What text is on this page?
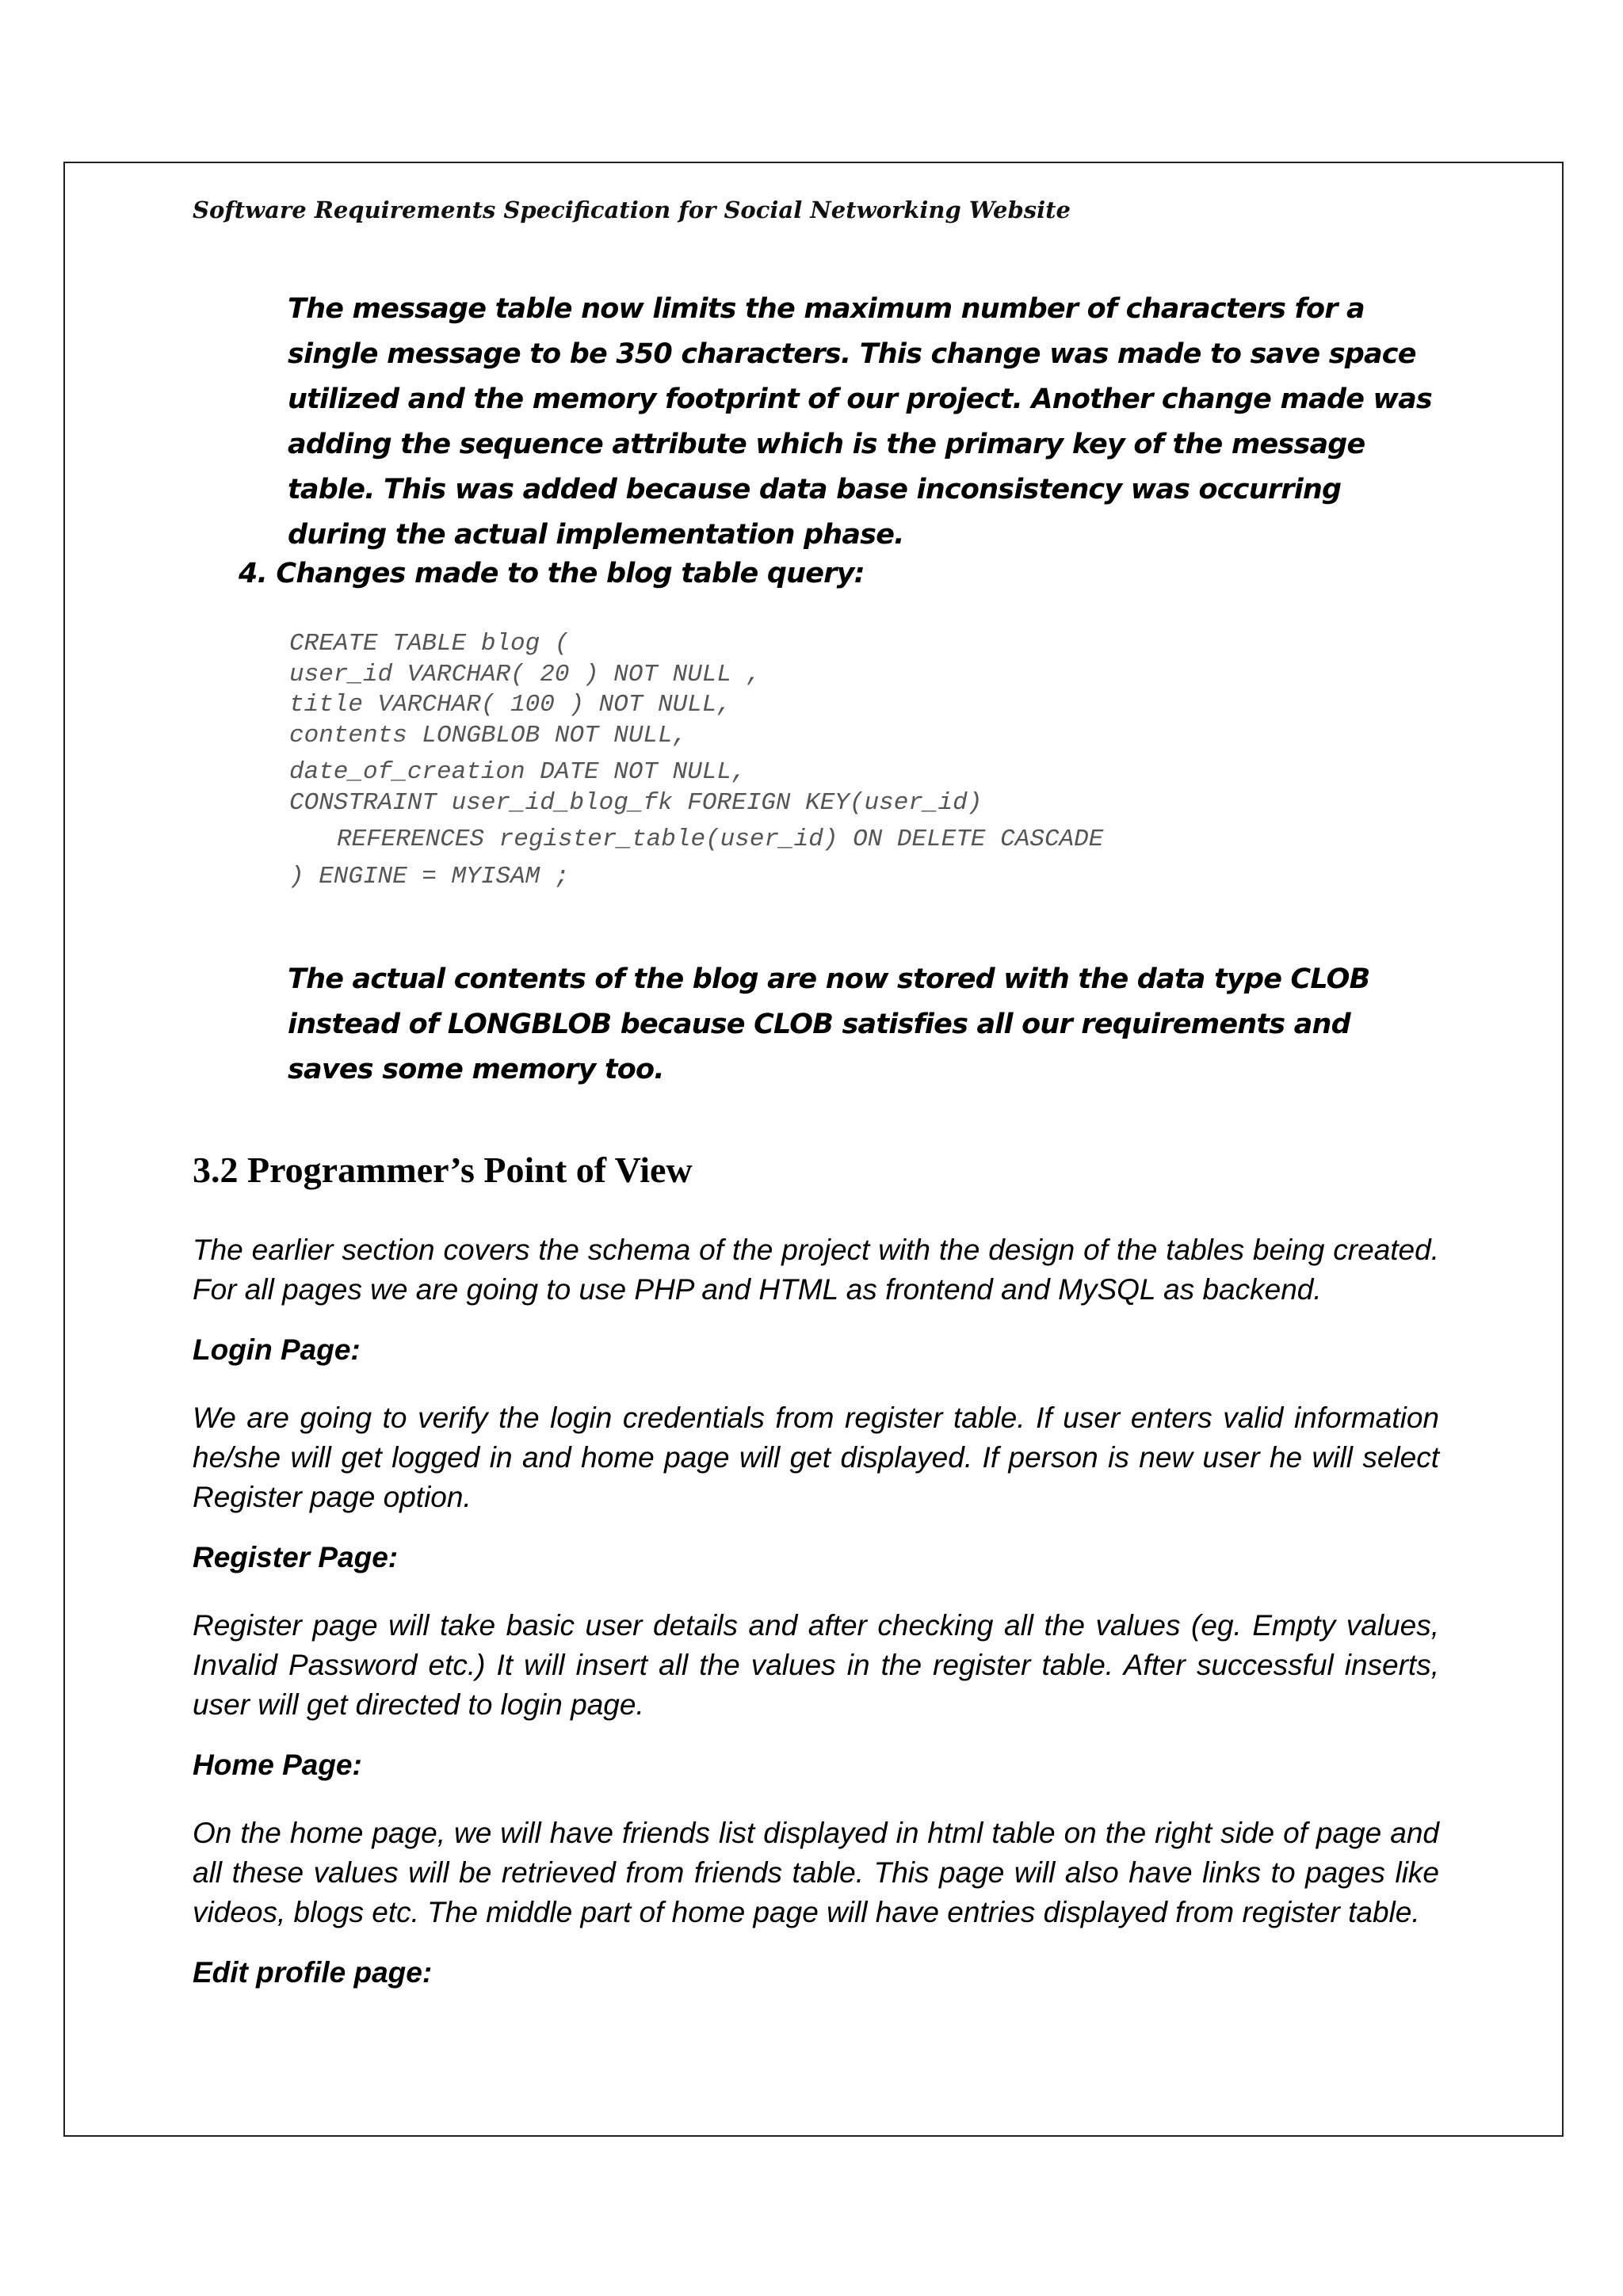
Software Requirements Specification for Social Networking Website

The message table now limits the maximum number of characters for a single message to be 350 characters. This change was made to save space utilized and the memory footprint of our project. Another change made was adding the sequence attribute which is the primary key of the message table. This was added because data base inconsistency was occurring during the actual implementation phase.

4. Changes made to the blog table query:

CREATE TABLE blog (
user_id VARCHAR( 20 ) NOT NULL ,
title VARCHAR( 100 ) NOT NULL,
contents LONGBLOB NOT NULL,
date_of_creation DATE NOT NULL,
CONSTRAINT user_id_blog_fk FOREIGN KEY(user_id)
REFERENCES register_table(user_id) ON DELETE CASCADE
) ENGINE = MYISAM ;

The actual contents of the blog are now stored with the data type CLOB instead of LONGBLOB because CLOB satisfies all our requirements and saves some memory too.

3.2 Programmer’s Point of View

The earlier section covers the schema of the project with the design of the tables being created. For all pages we are going to use PHP and HTML as frontend and MySQL as backend.

Login Page:

We are going to verify the login credentials from register table. If user enters valid information he/she will get logged in and home page will get displayed. If person is new user he will select Register page option.

Register Page:

Register page will take basic user details and after checking all the values (eg. Empty values, Invalid Password etc.) It will insert all the values in the register table. After successful inserts, user will get directed to login page.

Home Page:

On the home page, we will have friends list displayed in html table on the right side of page and all these values will be retrieved from friends table. This page will also have links to pages like videos, blogs etc. The middle part of home page will have entries displayed from register table.

Edit profile page:
